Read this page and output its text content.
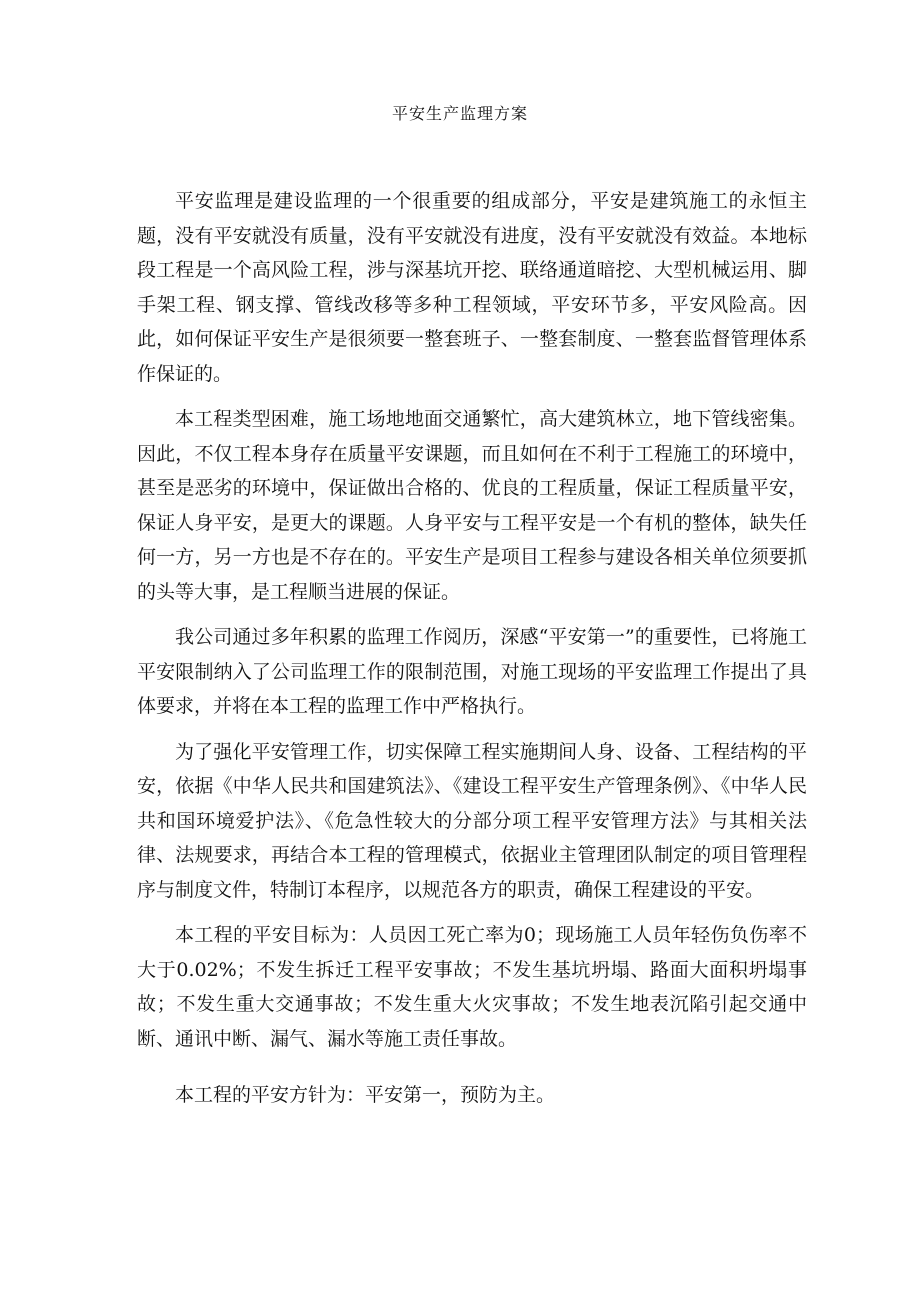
平安生产监理方案

平安监理是建设监理的一个很重要的组成部分，平安是建筑施工的永恒主题，没有平安就没有质量，没有平安就没有进度，没有平安就没有效益。本地标段工程是一个高风险工程，涉与深基坑开挖、联络通道暗挖、大型机械运用、脚手架工程、钢支撑、管线改移等多种工程领域，平安环节多，平安风险高。因此，如何保证平安生产是很须要一整套班子、一整套制度、一整套监督管理体系作保证的。

本工程类型困难，施工场地地面交通繁忙，高大建筑林立，地下管线密集。因此，不仅工程本身存在质量平安课题，而且如何在不利于工程施工的环境中，甚至是恶劣的环境中，保证做出合格的、优良的工程质量，保证工程质量平安，保证人身平安，是更大的课题。人身平安与工程平安是一个有机的整体，缺失任何一方，另一方也是不存在的。平安生产是项目工程参与建设各相关单位须要抓的头等大事，是工程顺当进展的保证。

我公司通过多年积累的监理工作阅历，深感“平安第一”的重要性，已将施工平安限制纳入了公司监理工作的限制范围，对施工现场的平安监理工作提出了具体要求，并将在本工程的监理工作中严格执行。

为了强化平安管理工作，切实保障工程实施期间人身、设备、工程结构的平安，依据《中华人民共和国建筑法》、《建设工程平安生产管理条例》、《中华人民共和国环境爱护法》、《危急性较大的分部分项工程平安管理方法》与其相关法律、法规要求，再结合本工程的管理模式，依据业主管理团队制定的项目管理程序与制度文件，特制订本程序，以规范各方的职责，确保工程建设的平安。

本工程的平安目标为：人员因工死亡率为0；现场施工人员年轻伤负伤率不大于0.02%；不发生拆迁工程平安事故；不发生基坑坍塌、路面大面积坍塌事故；不发生重大交通事故；不发生重大火灾事故；不发生地表沉陷引起交通中断、通讯中断、漏气、漏水等施工责任事故。

本工程的平安方针为：平安第一，预防为主。
